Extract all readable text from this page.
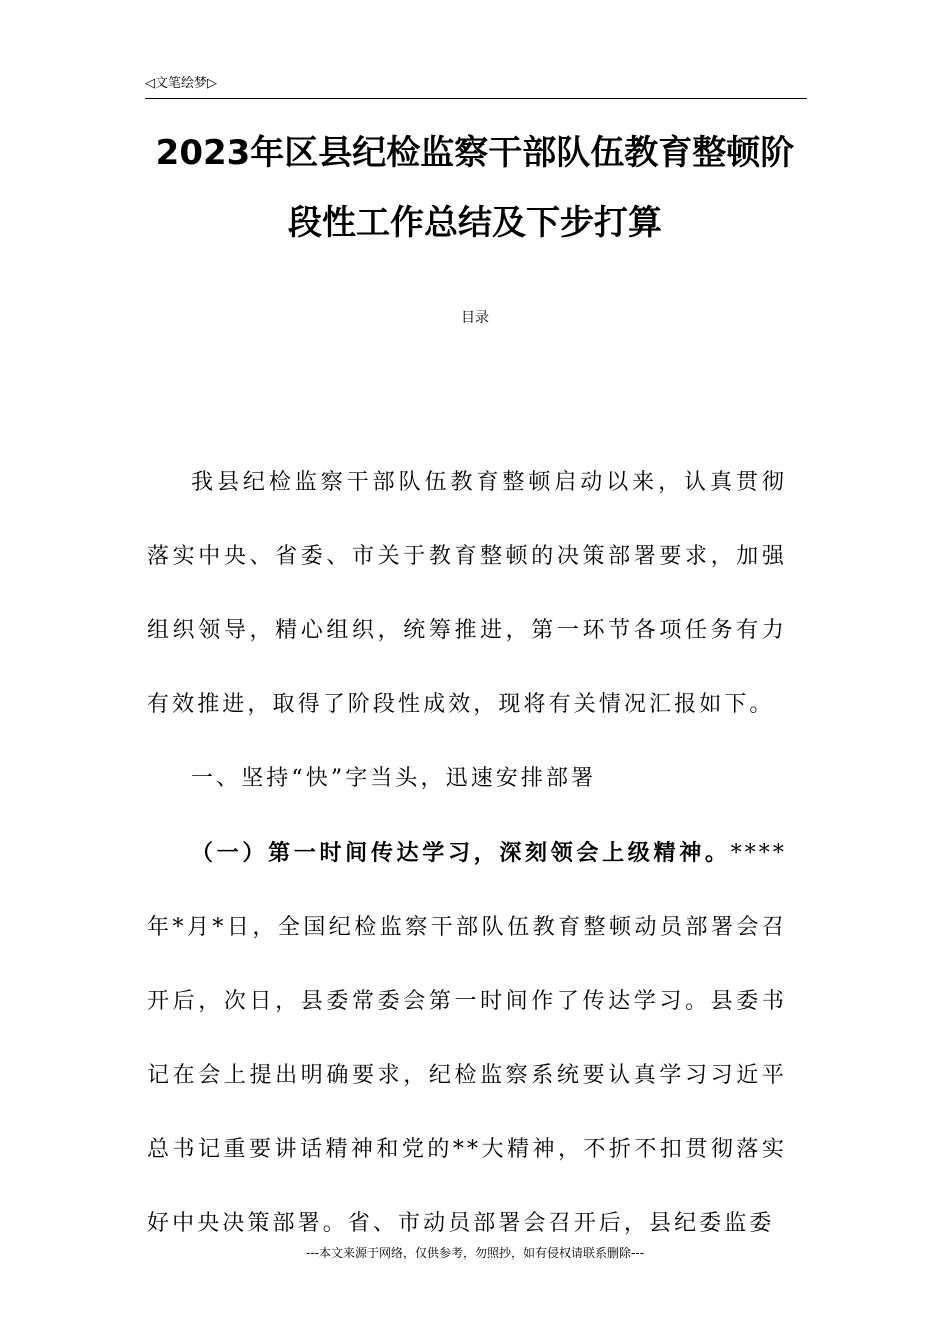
◁文笔绘梦▷
2023年区县纪检监察干部队伍教育整顿阶
段性工作总结及下步打算
目录

我县纪检监察干部队伍教育整顿启动以来，认真贯彻落实中央、省委、市关于教育整顿的决策部署要求，加强组织领导，精心组织，统筹推进，第一环节各项任务有力有效推进，取得了阶段性成效，现将有关情况汇报如下。

一、坚持“快”字当头，迅速安排部署

（一）第一时间传达学习，深刻领会上级精神。****年*月*日，全国纪检监察干部队伍教育整顿动员部署会召开后，次日，县委常委会第一时间作了传达学习。县委书记在会上提出明确要求，纪检监察系统要认真学习习近平总书记重要讲话精神和党的**大精神，不折不扣贯彻落实好中央决策部署。省、市动员部署会召开后，县纪委监委

---本文来源于网络，仅供参考，勿照抄，如有侵权请联系删除---
